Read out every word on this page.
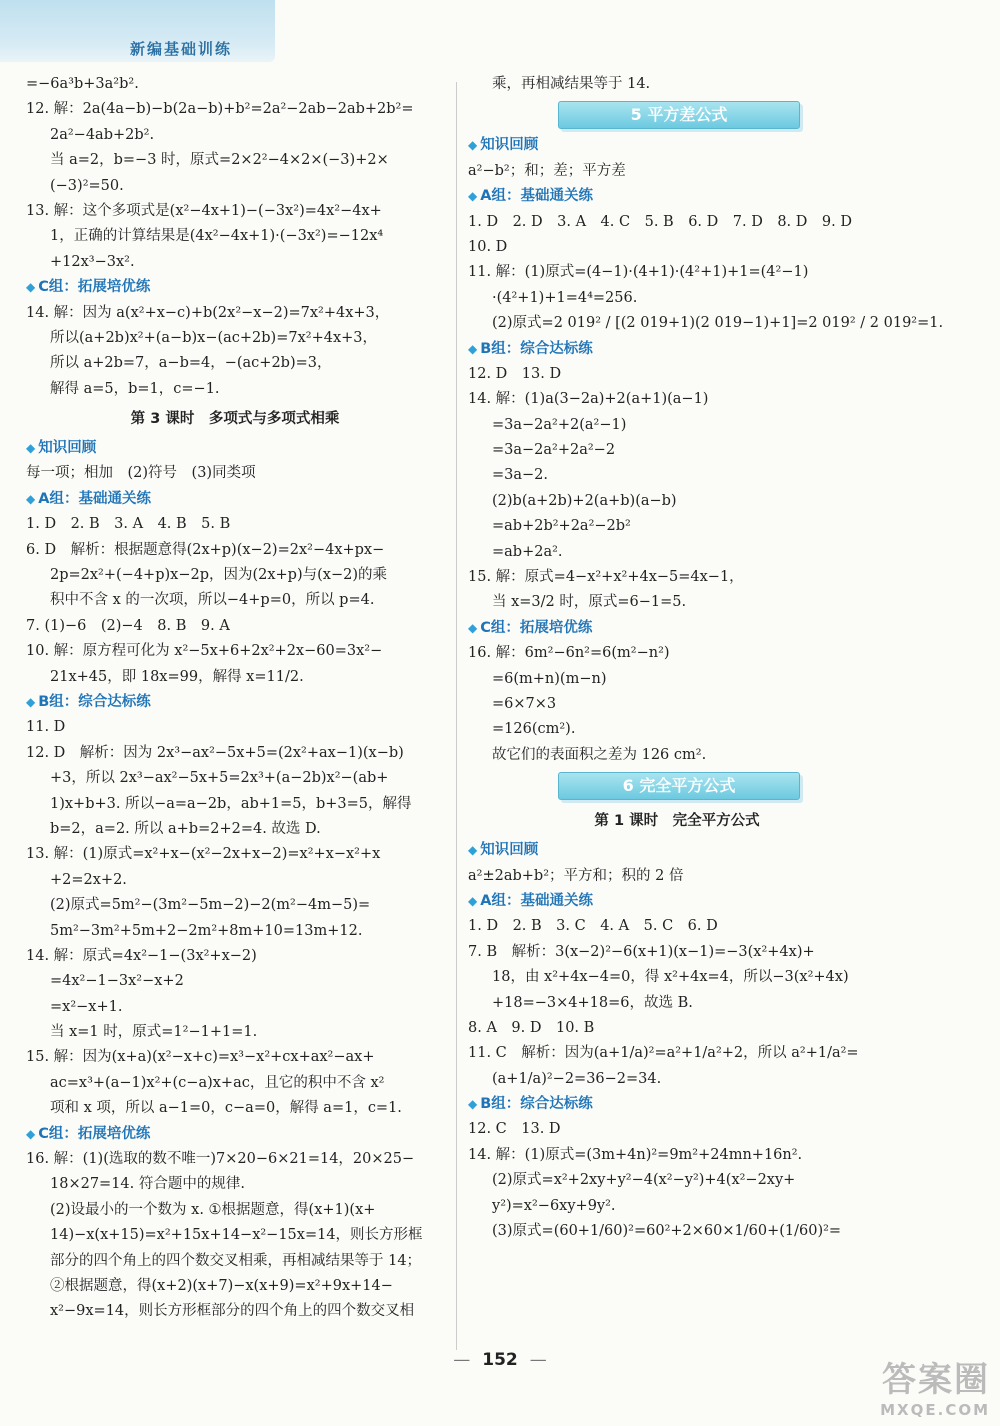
新编基础训练
=−6a³b+3a²b².
12. 解：2a(4a−b)−b(2a−b)+b²=2a²−2ab−2ab+2b²=
2a²−4ab+2b².
当 a=2，b=−3 时，原式=2×2²−4×2×(−3)+2×
(−3)²=50.
13. 解：这个多项式是(x²−4x+1)−(−3x²)=4x²−4x+
1，正确的计算结果是(4x²−4x+1)·(−3x²)=−12x⁴
+12x³−3x².
◆ C组：拓展培优练
14. 解：因为 a(x²+x−c)+b(2x²−x−2)=7x²+4x+3，
所以(a+2b)x²+(a−b)x−(ac+2b)=7x²+4x+3，
所以 a+2b=7，a−b=4，−(ac+2b)=3，
解得 a=5，b=1，c=−1.
第 3 课时　多项式与多项式相乘
◆ 知识回顾
每一项；相加　(2)符号　(3)同类项
◆ A组：基础通关练
1. D　2. B　3. A　4. B　5. B
6. D　解析：根据题意得(2x+p)(x−2)=2x²−4x+px−
2p=2x²+(−4+p)x−2p，因为(2x+p)与(x−2)的乘
积中不含 x 的一次项，所以−4+p=0，所以 p=4.
7. (1)−6　(2)−4　8. B　9. A
10. 解：原方程可化为 x²−5x+6+2x²+2x−60=3x²−
21x+45，即 18x=99，解得 x=11/2.
◆ B组：综合达标练
11. D
12. D　解析：因为 2x³−ax²−5x+5=(2x²+ax−1)(x−b)
+3，所以 2x³−ax²−5x+5=2x³+(a−2b)x²−(ab+
1)x+b+3. 所以−a=a−2b，ab+1=5，b+3=5，解得
b=2，a=2. 所以 a+b=2+2=4. 故选 D.
13. 解：(1)原式=x²+x−(x²−2x+x−2)=x²+x−x²+x
+2=2x+2.
(2)原式=5m²−(3m²−5m−2)−2(m²−4m−5)=
5m²−3m²+5m+2−2m²+8m+10=13m+12.
14. 解：原式=4x²−1−(3x²+x−2)
=4x²−1−3x²−x+2
=x²−x+1.
当 x=1 时，原式=1²−1+1=1.
15. 解：因为(x+a)(x²−x+c)=x³−x²+cx+ax²−ax+
ac=x³+(a−1)x²+(c−a)x+ac，且它的积中不含 x²
项和 x 项，所以 a−1=0，c−a=0，解得 a=1，c=1.
◆ C组：拓展培优练
16. 解：(1)(选取的数不唯一)7×20−6×21=14，20×25−
18×27=14. 符合题中的规律.
(2)设最小的一个数为 x. ①根据题意，得(x+1)(x+
14)−x(x+15)=x²+15x+14−x²−15x=14，则长方形框
部分的四个角上的四个数交叉相乘，再相减结果等于 14；
②根据题意，得(x+2)(x+7)−x(x+9)=x²+9x+14−
x²−9x=14，则长方形框部分的四个角上的四个数交叉相
乘，再相减结果等于 14.
5 平方差公式
◆ 知识回顾
a²−b²；和；差；平方差
◆ A组：基础通关练
1. D　2. D　3. A　4. C　5. B　6. D　7. D　8. D　9. D
10. D
11. 解：(1)原式=(4−1)·(4+1)·(4²+1)+1=(4²−1)
·(4²+1)+1=4⁴=256.
(2)原式=2 019² / [(2 019+1)(2 019−1)+1]=2 019² / 2 019²=1.
◆ B组：综合达标练
12. D　13. D
14. 解：(1)a(3−2a)+2(a+1)(a−1)
=3a−2a²+2(a²−1)
=3a−2a²+2a²−2
=3a−2.
(2)b(a+2b)+2(a+b)(a−b)
=ab+2b²+2a²−2b²
=ab+2a².
15. 解：原式=4−x²+x²+4x−5=4x−1，
当 x=3/2 时，原式=6−1=5.
◆ C组：拓展培优练
16. 解：6m²−6n²=6(m²−n²)
=6(m+n)(m−n)
=6×7×3
=126(cm²).
故它们的表面积之差为 126 cm².
6 完全平方公式
第 1 课时　完全平方公式
◆ 知识回顾
a²±2ab+b²；平方和；积的 2 倍
◆ A组：基础通关练
1. D　2. B　3. C　4. A　5. C　6. D
7. B　解析：3(x−2)²−6(x+1)(x−1)=−3(x²+4x)+
18，由 x²+4x−4=0，得 x²+4x=4，所以−3(x²+4x)
+18=−3×4+18=6，故选 B.
8. A　9. D　10. B
11. C　解析：因为(a+1/a)²=a²+1/a²+2，所以 a²+1/a²=
(a+1/a)²−2=36−2=34.
◆ B组：综合达标练
12. C　13. D
14. 解：(1)原式=(3m+4n)²=9m²+24mn+16n².
(2)原式=x²+2xy+y²−4(x²−y²)+4(x²−2xy+
y²)=x²−6xy+9y².
(3)原式=(60+1/60)²=60²+2×60×1/60+(1/60)²=
— 152 —	答案圈
MXQE.COM
